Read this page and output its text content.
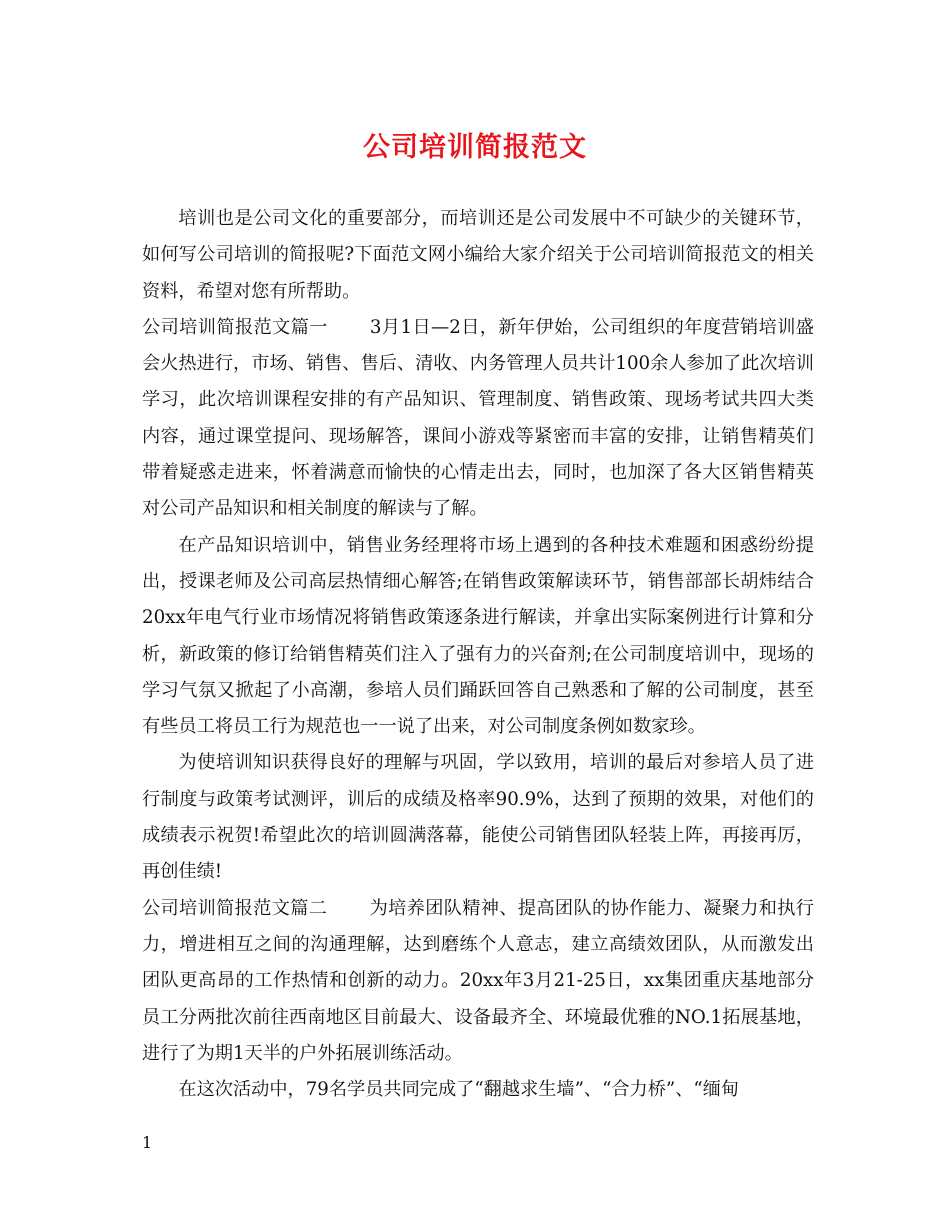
公司培训简报范文

培训也是公司文化的重要部分，而培训还是公司发展中不可缺少的关键环节，如何写公司培训的简报呢?下面范文网小编给大家介绍关于公司培训简报范文的相关资料，希望对您有所帮助。

公司培训简报范文篇一 3月1日—2日，新年伊始，公司组织的年度营销培训盛会火热进行，市场、销售、售后、清收、内务管理人员共计100余人参加了此次培训学习，此次培训课程安排的有产品知识、管理制度、销售政策、现场考试共四大类内容，通过课堂提问、现场解答，课间小游戏等紧密而丰富的安排，让销售精英们带着疑惑走进来，怀着满意而愉快的心情走出去，同时，也加深了各大区销售精英对公司产品知识和相关制度的解读与了解。

在产品知识培训中，销售业务经理将市场上遇到的各种技术难题和困惑纷纷提出，授课老师及公司高层热情细心解答;在销售政策解读环节，销售部部长胡炜结合20xx年电气行业市场情况将销售政策逐条进行解读，并拿出实际案例进行计算和分析，新政策的修订给销售精英们注入了强有力的兴奋剂;在公司制度培训中，现场的学习气氛又掀起了小高潮，参培人员们踊跃回答自己熟悉和了解的公司制度，甚至有些员工将员工行为规范也一一说了出来，对公司制度条例如数家珍。

为使培训知识获得良好的理解与巩固，学以致用，培训的最后对参培人员了进行制度与政策考试测评，训后的成绩及格率90.9%，达到了预期的效果，对他们的成绩表示祝贺!希望此次的培训圆满落幕，能使公司销售团队轻装上阵，再接再厉，再创佳绩!

公司培训简报范文篇二 为培养团队精神、提高团队的协作能力、凝聚力和执行力，增进相互之间的沟通理解，达到磨练个人意志，建立高绩效团队，从而激发出团队更高昂的工作热情和创新的动力。20xx年3月21-25日，xx集团重庆基地部分员工分两批次前往西南地区目前最大、设备最齐全、环境最优雅的NO.1拓展基地，进行了为期1天半的户外拓展训练活动。

在这次活动中，79名学员共同完成了“翻越求生墙”、“合力桥”、“缅甸

1
